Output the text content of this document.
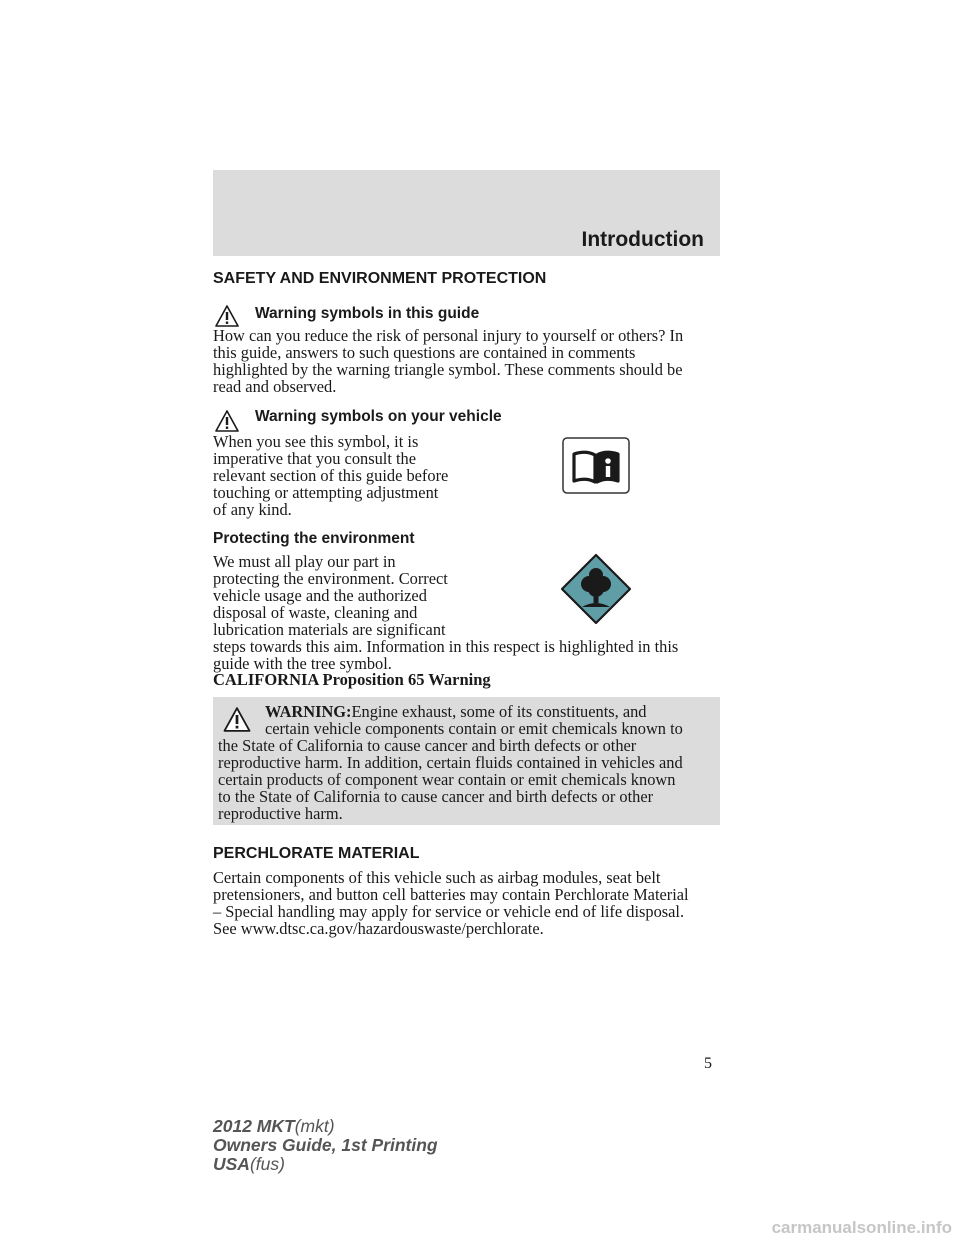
Introduction
SAFETY AND ENVIRONMENT PROTECTION
Warning symbols in this guide

How can you reduce the risk of personal injury to yourself or others? In
this guide, answers to such questions are contained in comments
highlighted by the warning triangle symbol. These comments should be
read and observed.

Warning symbols on your vehicle

When you see this symbol, it is
imperative that you consult the
relevant section of this guide before
touching or attempting adjustment
of any kind.

Protecting the environment

We must all play our part in
protecting the environment. Correct
vehicle usage and the authorized
disposal of waste, cleaning and
lubrication materials are significant
steps towards this aim. Information in this respect is highlighted in this
guide with the tree symbol.

CALIFORNIA Proposition 65 Warning

WARNING:Engine exhaust, some of its constituents, and
certain vehicle components contain or emit chemicals known to
the State of California to cause cancer and birth defects or other
reproductive harm. In addition, certain fluids contained in vehicles and
certain products of component wear contain or emit chemicals known
to the State of California to cause cancer and birth defects or other
reproductive harm.

PERCHLORATE MATERIAL

Certain components of this vehicle such as airbag modules, seat belt
pretensioners, and button cell batteries may contain Perchlorate Material
– Special handling may apply for service or vehicle end of life disposal.
See www.dtsc.ca.gov/hazardouswaste/perchlorate.

5
2012 MKT(mkt)
Owners Guide, 1st Printing
USA(fus)
carmanualsonline.info
